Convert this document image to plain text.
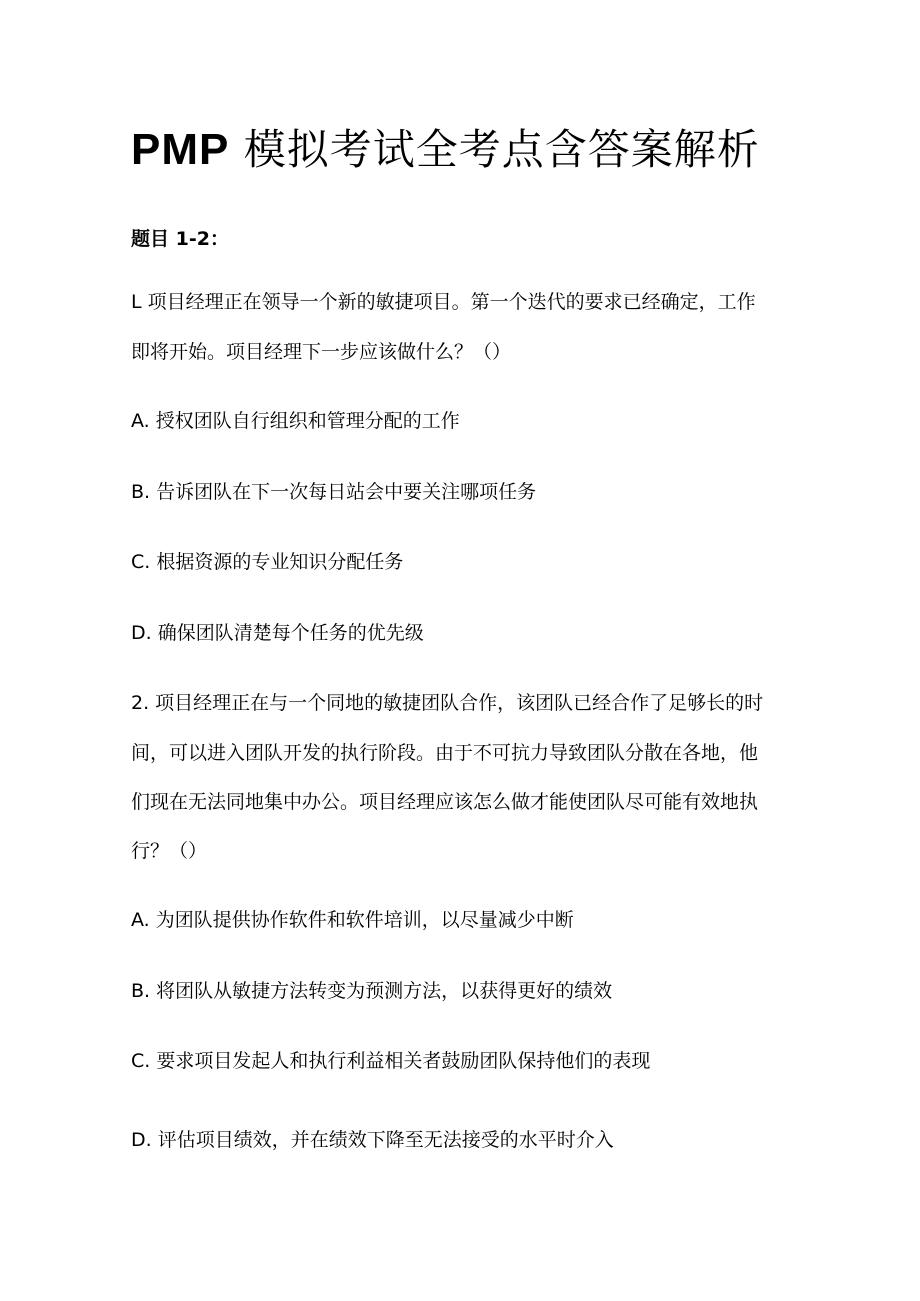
PMP 模拟考试全考点含答案解析

题目 1-2：

L 项目经理正在领导一个新的敏捷项目。第一个迭代的要求已经确定，工作

即将开始。项目经理下一步应该做什么？（）

A. 授权团队自行组织和管理分配的工作

B. 告诉团队在下一次每日站会中要关注哪项任务

C. 根据资源的专业知识分配任务

D. 确保团队清楚每个任务的优先级

2. 项目经理正在与一个同地的敏捷团队合作，该团队已经合作了足够长的时

间，可以进入团队开发的执行阶段。由于不可抗力导致团队分散在各地，他

们现在无法同地集中办公。项目经理应该怎么做才能使团队尽可能有效地执

行？（）

A. 为团队提供协作软件和软件培训，以尽量减少中断

B. 将团队从敏捷方法转变为预测方法，以获得更好的绩效

C. 要求项目发起人和执行利益相关者鼓励团队保持他们的表现

D. 评估项目绩效，并在绩效下降至无法接受的水平时介入
